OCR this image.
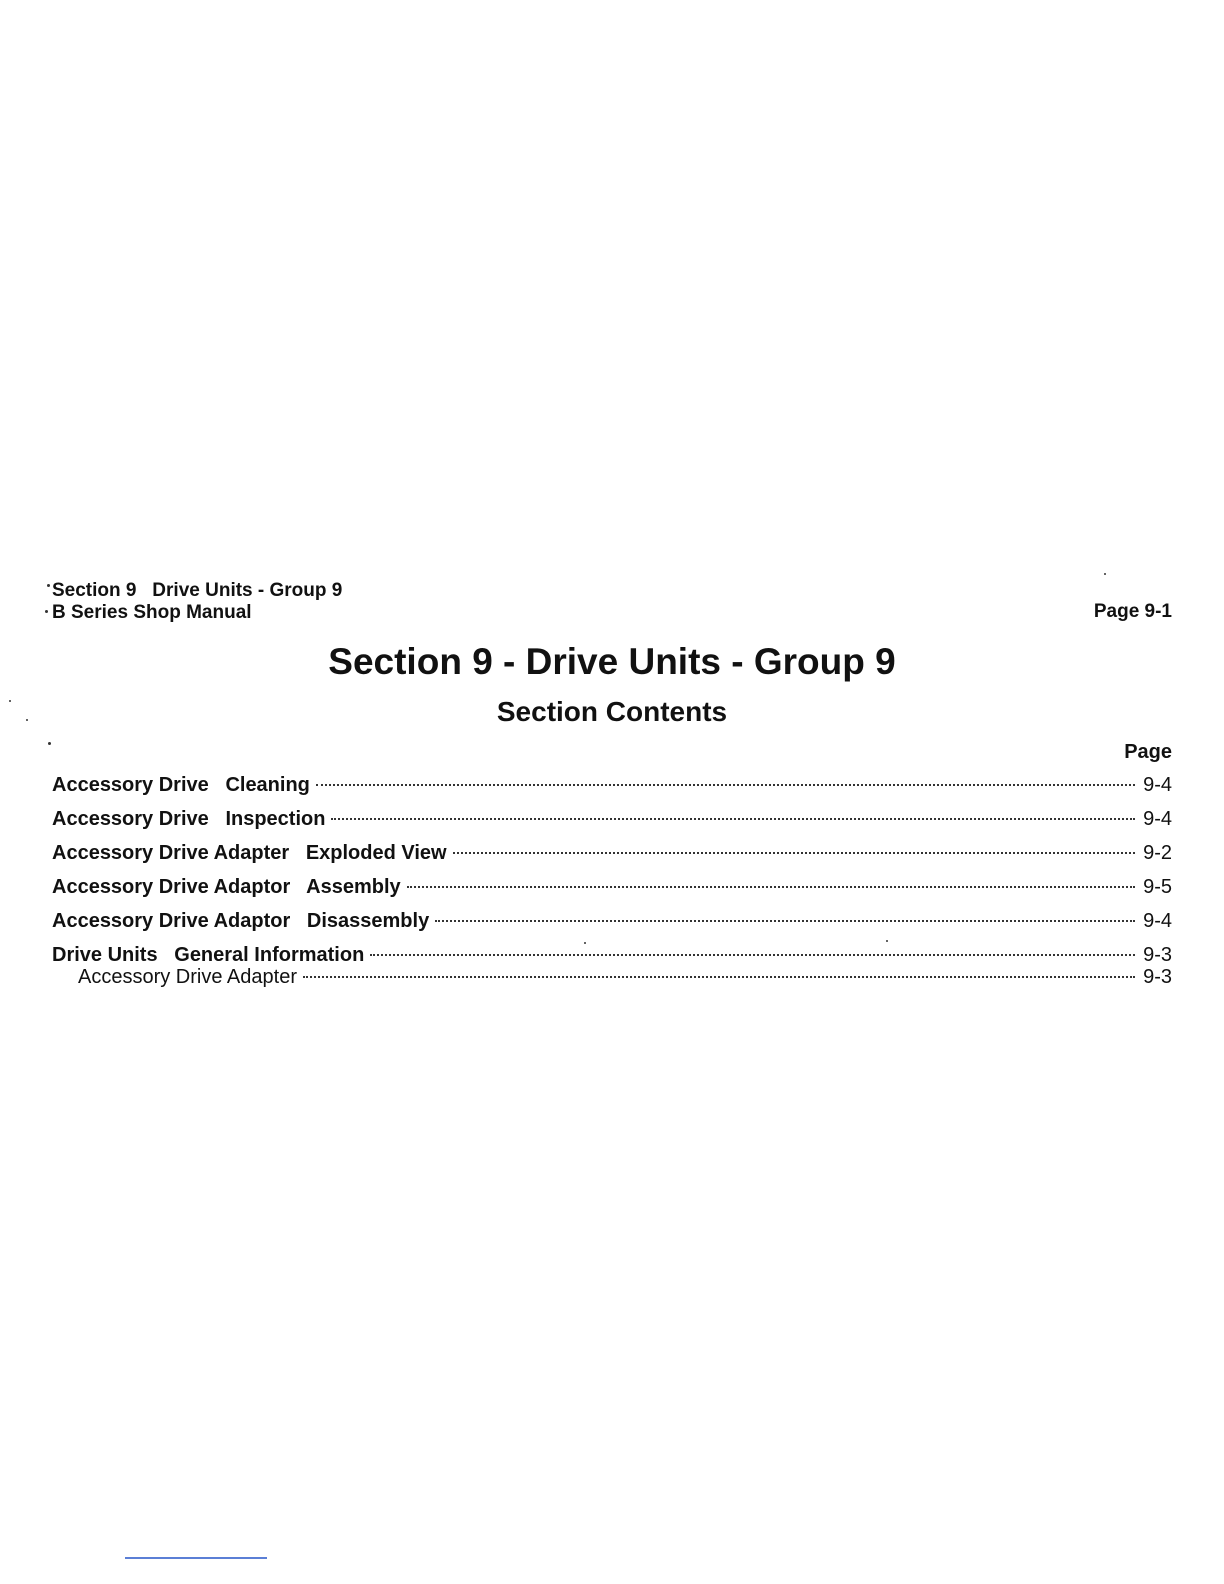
Section 9   Drive Units - Group 9
B Series Shop Manual	Page 9-1
Section 9 - Drive Units - Group 9
Section Contents
Page
Accessory Drive   Cleaning	9-4
Accessory Drive   Inspection	9-4
Accessory Drive Adapter   Exploded View	9-2
Accessory Drive Adaptor   Assembly	9-5
Accessory Drive Adaptor   Disassembly	9-4
Drive Units   General Information	9-3
Accessory Drive Adapter	9-3
